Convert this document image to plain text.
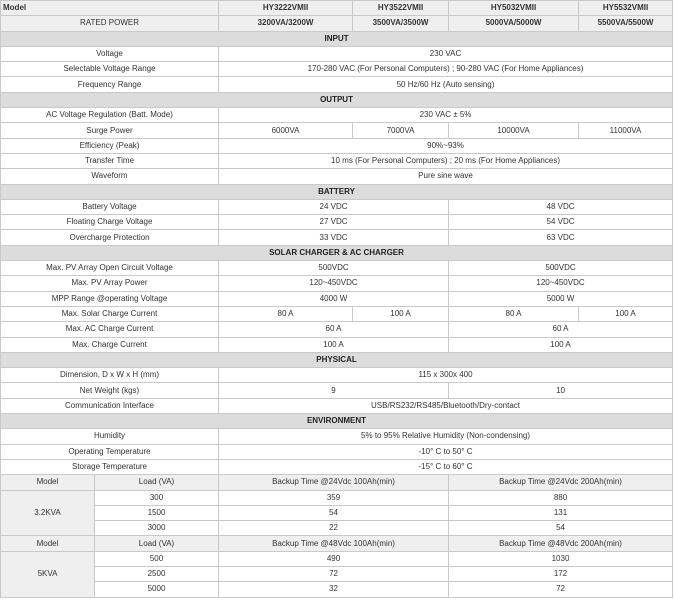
Model		HY3222VMII	HY3522VMII	HY5032VMII	HY5532VMII
RATED POWER		3200VA/3200W	3500VA/3500W	5000VA/5000W	5500VA/5500W
INPUT					
Voltage		230 VAC			
Selectable Voltage Range		170-280 VAC (For Personal Computers) ; 90-280 VAC (For Home Appliances)			
Frequency Range		50 Hz/60 Hz (Auto sensing)			
OUTPUT					
AC Voltage Regulation (Batt. Mode)		230 VAC ± 5%			
Surge Power		6000VA	7000VA	10000VA	11000VA
Efficiency (Peak)		90%~93%			
Transfer Time		10 ms (For Personal Computers) ; 20 ms (For Home Appliances)			
Waveform		Pure sine wave			
BATTERY					
Battery Voltage		24 VDC		48 VDC	
Floating Charge Voltage		27 VDC		54 VDC	
Overcharge Protection		33 VDC		63 VDC	
SOLAR CHARGER & AC CHARGER					
Max. PV Array Open Circuit Voltage		500VDC		500VDC	
Max. PV Array Power		120~450VDC		120~450VDC	
MPP Range @operating Voltage		4000 W		5000 W	
Max. Solar Charge Current		80 A	100 A	80 A	100 A
Max. AC Charge Current		60 A		60 A	
Max. Charge Current		100 A		100 A	
PHYSICAL					
Dimension, D x W x H (mm)		115 x 300x 400			
Net Weight (kgs)		9		10	
Communication Interface		USB/RS232/RS485/Bluetooth/Dry-contact			
ENVIRONMENT					
Humidity		5% to 95% Relative Humidity (Non-condensing)			
Operating Temperature		-10° C to 50° C			
Storage Temperature		-15° C to 60° C			
Model	Load (VA)	Backup Time @24Vdc 100Ah(min)		Backup Time @24Vdc 200Ah(min)	
3.2KVA	300	359		880	
	1500	54		131	
	3000	22		54	
Model	Load (VA)	Backup Time @48Vdc 100Ah(min)		Backup Time @48Vdc 200Ah(min)	
5KVA	500	490		1030	
	2500	72		172	
	5000	32		72	
